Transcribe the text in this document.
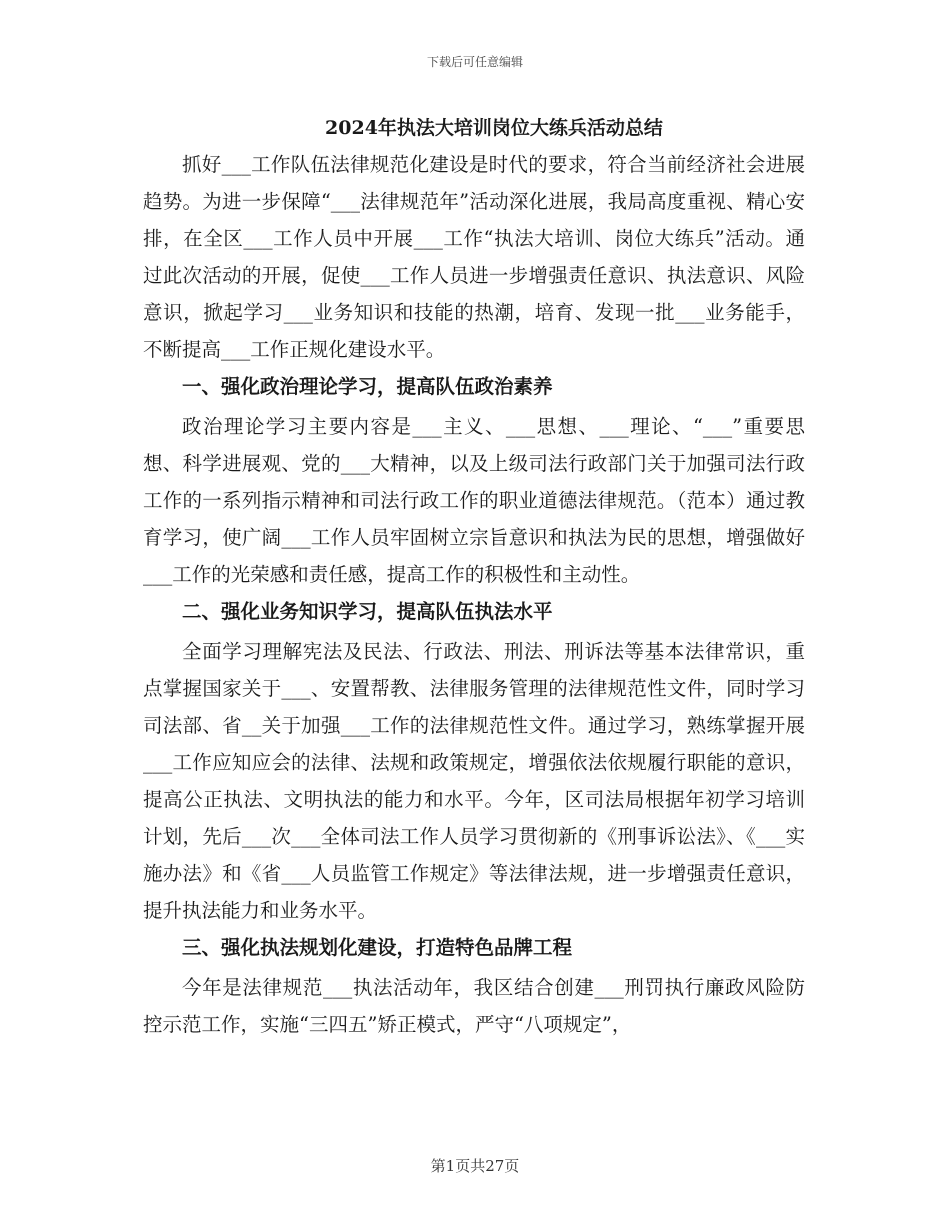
下载后可任意编辑
2024年执法大培训岗位大练兵活动总结

抓好___工作队伍法律规范化建设是时代的要求，符合当前经济社会进展趋势。为进一步保障“___法律规范年”活动深化进展，我局高度重视、精心安排，在全区___工作人员中开展___工作“执法大培训、岗位大练兵”活动。通过此次活动的开展，促使___工作人员进一步增强责任意识、执法意识、风险意识，掀起学习___业务知识和技能的热潮，培育、发现一批___业务能手，不断提高___工作正规化建设水平。

一、强化政治理论学习，提高队伍政治素养

政治理论学习主要内容是___主义、___思想、___理论、“___”重要思想、科学进展观、党的___大精神，以及上级司法行政部门关于加强司法行政工作的一系列指示精神和司法行政工作的职业道德法律规范。（范本）通过教育学习，使广阔___工作人员牢固树立宗旨意识和执法为民的思想，增强做好___工作的光荣感和责任感，提高工作的积极性和主动性。

二、强化业务知识学习，提高队伍执法水平

全面学习理解宪法及民法、行政法、刑法、刑诉法等基本法律常识，重点掌握国家关于___、安置帮教、法律服务管理的法律规范性文件，同时学习司法部、省__关于加强___工作的法律规范性文件。通过学习，熟练掌握开展___工作应知应会的法律、法规和政策规定，增强依法依规履行职能的意识，提高公正执法、文明执法的能力和水平。今年，区司法局根据年初学习培训计划，先后___次___全体司法工作人员学习贯彻新的《刑事诉讼法》、《___实施办法》和《省___人员监管工作规定》等法律法规，进一步增强责任意识，提升执法能力和业务水平。

三、强化执法规划化建设，打造特色品牌工程

今年是法律规范___执法活动年，我区结合创建___刑罚执行廉政风险防控示范工作，实施“三四五”矫正模式，严守“八项规定”，

第1页共27页
